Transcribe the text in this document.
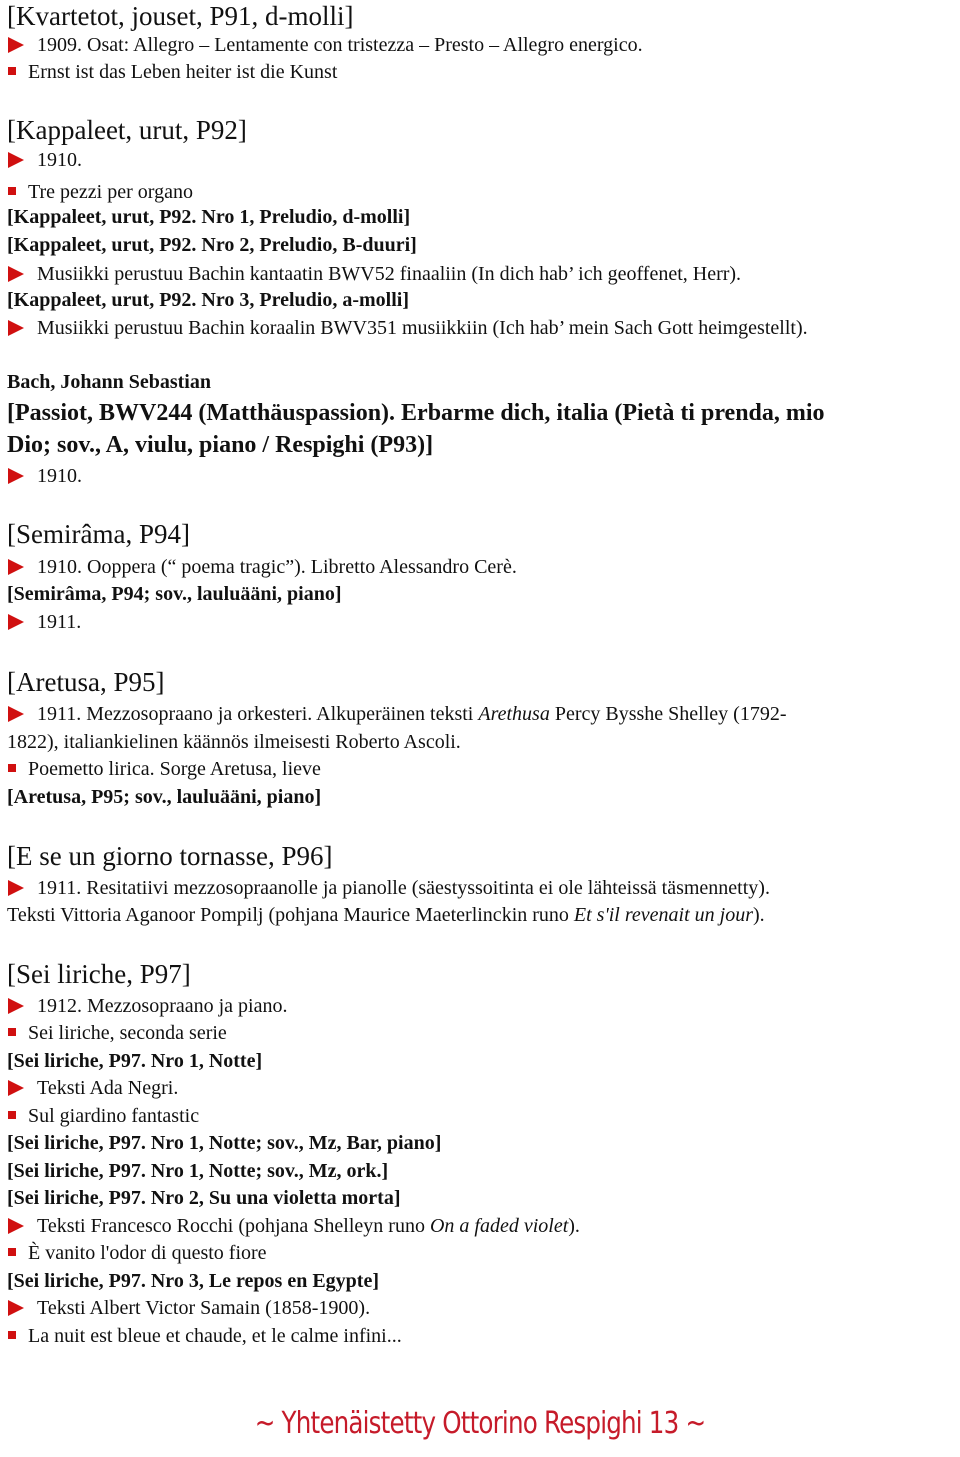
[Kvartetot, jouset, P91, d-molli]
1909. Osat: Allegro – Lentamente con tristezza – Presto – Allegro energico.
Ernst ist das Leben heiter ist die Kunst
[Kappaleet, urut, P92]
1910.
Tre pezzi per organo
[Kappaleet, urut, P92. Nro 1, Preludio, d-molli]
[Kappaleet, urut, P92. Nro 2, Preludio, B-duuri]
Musiikki perustuu Bachin kantaatin BWV52 finaaliin (In dich hab’ ich geoffenet, Herr).
[Kappaleet, urut, P92. Nro 3, Preludio, a-molli]
Musiikki perustuu Bachin koraalin BWV351 musiikkiin (Ich hab’ mein Sach Gott heimgestellt).
Bach, Johann Sebastian
[Passiot, BWV244 (Matthäuspassion). Erbarme dich, italia (Pietà ti prenda, mio
Dio; sov., A, viulu, piano / Respighi (P93)]
1910.
[Semirâma, P94]
1910. Ooppera (“ poema tragic”). Libretto Alessandro Cerè.
[Semirâma, P94; sov., lauluääni, piano]
1911.
[Aretusa, P95]
1911. Mezzosopraano ja orkesteri. Alkuperäinen teksti Arethusa Percy Bysshe Shelley (1792-
1822), italiankielinen käännös ilmeisesti Roberto Ascoli.
Poemetto lirica. Sorge Aretusa, lieve
[Aretusa, P95; sov., lauluääni, piano]
[E se un giorno tornasse, P96]
1911. Resitatiivi mezzosopraanolle ja pianolle (säestyssoitinta ei ole lähteissä täsmennetty).
Teksti Vittoria Aganoor Pompilj (pohjana Maurice Maeterlinckin runo Et s'il revenait un jour).
[Sei liriche, P97]
1912. Mezzosopraano ja piano.
Sei liriche, seconda serie
[Sei liriche, P97. Nro 1, Notte]
Teksti Ada Negri.
Sul giardino fantastic
[Sei liriche, P97. Nro 1, Notte; sov., Mz, Bar, piano]
[Sei liriche, P97. Nro 1, Notte; sov., Mz, ork.]
[Sei liriche, P97. Nro 2, Su una violetta morta]
Teksti Francesco Rocchi (pohjana Shelleyn runo On a faded violet).
È vanito l'odor di questo fiore
[Sei liriche, P97. Nro 3, Le repos en Egypte]
Teksti Albert Victor Samain (1858-1900).
La nuit est bleue et chaude, et le calme infini...
~ Yhtenäistetty Ottorino Respighi 13 ~
